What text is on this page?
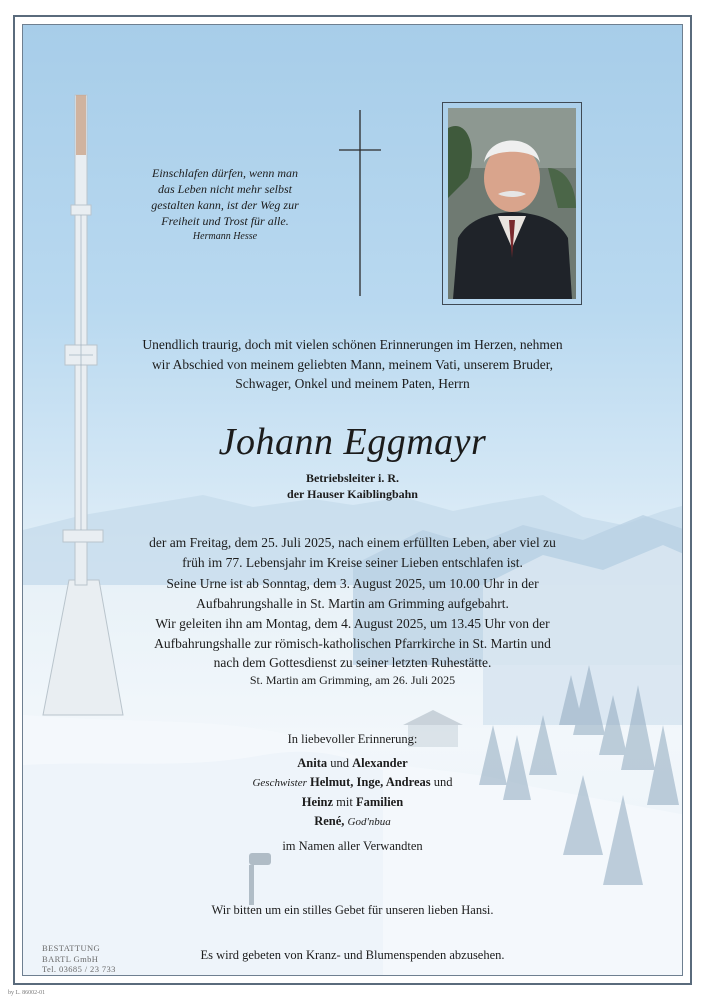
Einschlafen dürfen, wenn man
das Leben nicht mehr selbst
gestalten kann, ist der Weg zur
Freiheit und Trost für alle.
Hermann Hesse
Unendlich traurig, doch mit vielen schönen Erinnerungen im Herzen, nehmen
wir Abschied von meinem geliebten Mann, meinem Vati, unserem Bruder,
Schwager, Onkel und meinem Paten, Herrn
Johann Eggmayr
Betriebsleiter i. R.
der Hauser Kaiblingbahn
der am Freitag, dem 25. Juli 2025, nach einem erfüllten Leben, aber viel zu
früh im 77. Lebensjahr im Kreise seiner Lieben entschlafen ist.
Seine Urne ist ab Sonntag, dem 3. August 2025, um 10.00 Uhr in der
Aufbahrungshalle in St. Martin am Grimming aufgebahrt.
Wir geleiten ihn am Montag, dem 4. August 2025, um 13.45 Uhr von der
Aufbahrungshalle zur römisch-katholischen Pfarrkirche in St. Martin und
nach dem Gottesdienst zu seiner letzten Ruhestätte.
St. Martin am Grimming, am 26. Juli 2025
In liebevoller Erinnerung:
Anita und Alexander
Geschwister Helmut, Inge, Andreas und
Heinz mit Familien
René, God'nbua
im Namen aller Verwandten
Wir bitten um ein stilles Gebet für unseren lieben Hansi.
Es wird gebeten von Kranz- und Blumenspenden abzusehen.
BESTATTUNG
BARTL GmbH
Tel. 03685 / 23 733
by L. 86002-01
